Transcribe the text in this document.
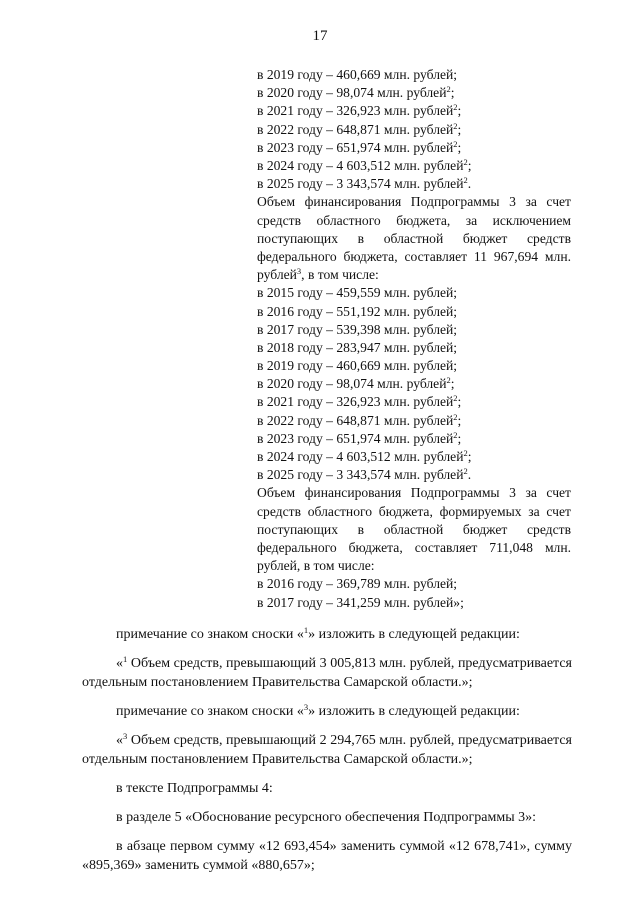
17
в 2019 году – 460,669 млн. рублей;
в 2020 году – 98,074 млн. рублей$^2$;
в 2021 году – 326,923 млн. рублей$^2$;
в 2022 году – 648,871 млн. рублей$^2$;
в 2023 году – 651,974 млн. рублей$^2$;
в 2024 году – 4 603,512 млн. рублей$^2$;
в 2025 году – 3 343,574 млн. рублей$^2$.
Объем финансирования Подпрограммы 3 за счет средств областного бюджета, за исключением поступающих в областной бюджет средств федерального бюджета, составляет 11 967,694 млн. рублей$^3$, в том числе:
в 2015 году – 459,559 млн. рублей;
в 2016 году – 551,192 млн. рублей;
в 2017 году – 539,398 млн. рублей;
в 2018 году – 283,947 млн. рублей;
в 2019 году – 460,669 млн. рублей;
в 2020 году – 98,074 млн. рублей$^2$;
в 2021 году – 326,923 млн. рублей$^2$;
в 2022 году – 648,871 млн. рублей$^2$;
в 2023 году – 651,974 млн. рублей$^2$;
в 2024 году – 4 603,512 млн. рублей$^2$;
в 2025 году – 3 343,574 млн. рублей$^2$.
Объем финансирования Подпрограммы 3 за счет средств областного бюджета, формируемых за счет поступающих в областной бюджет средств федерального бюджета, составляет 711,048 млн. рублей, в том числе:
в 2016 году – 369,789 млн. рублей;
в 2017 году – 341,259 млн. рублей»;

примечание со знаком сноски «$^1$» изложить в следующей редакции:

«$^1$ Объем средств, превышающий 3 005,813 млн. рублей, предусматривается отдельным постановлением Правительства Самарской области.»;

примечание со знаком сноски «$^3$» изложить в следующей редакции:

«$^3$ Объем средств, превышающий 2 294,765 млн. рублей, предусматривается отдельным постановлением Правительства Самарской области.»;

в тексте Подпрограммы 4:

в разделе 5 «Обоснование ресурсного обеспечения Подпрограммы 3»:

в абзаце первом сумму «12 693,454» заменить суммой «12 678,741», сумму «895,369» заменить суммой «880,657»;
